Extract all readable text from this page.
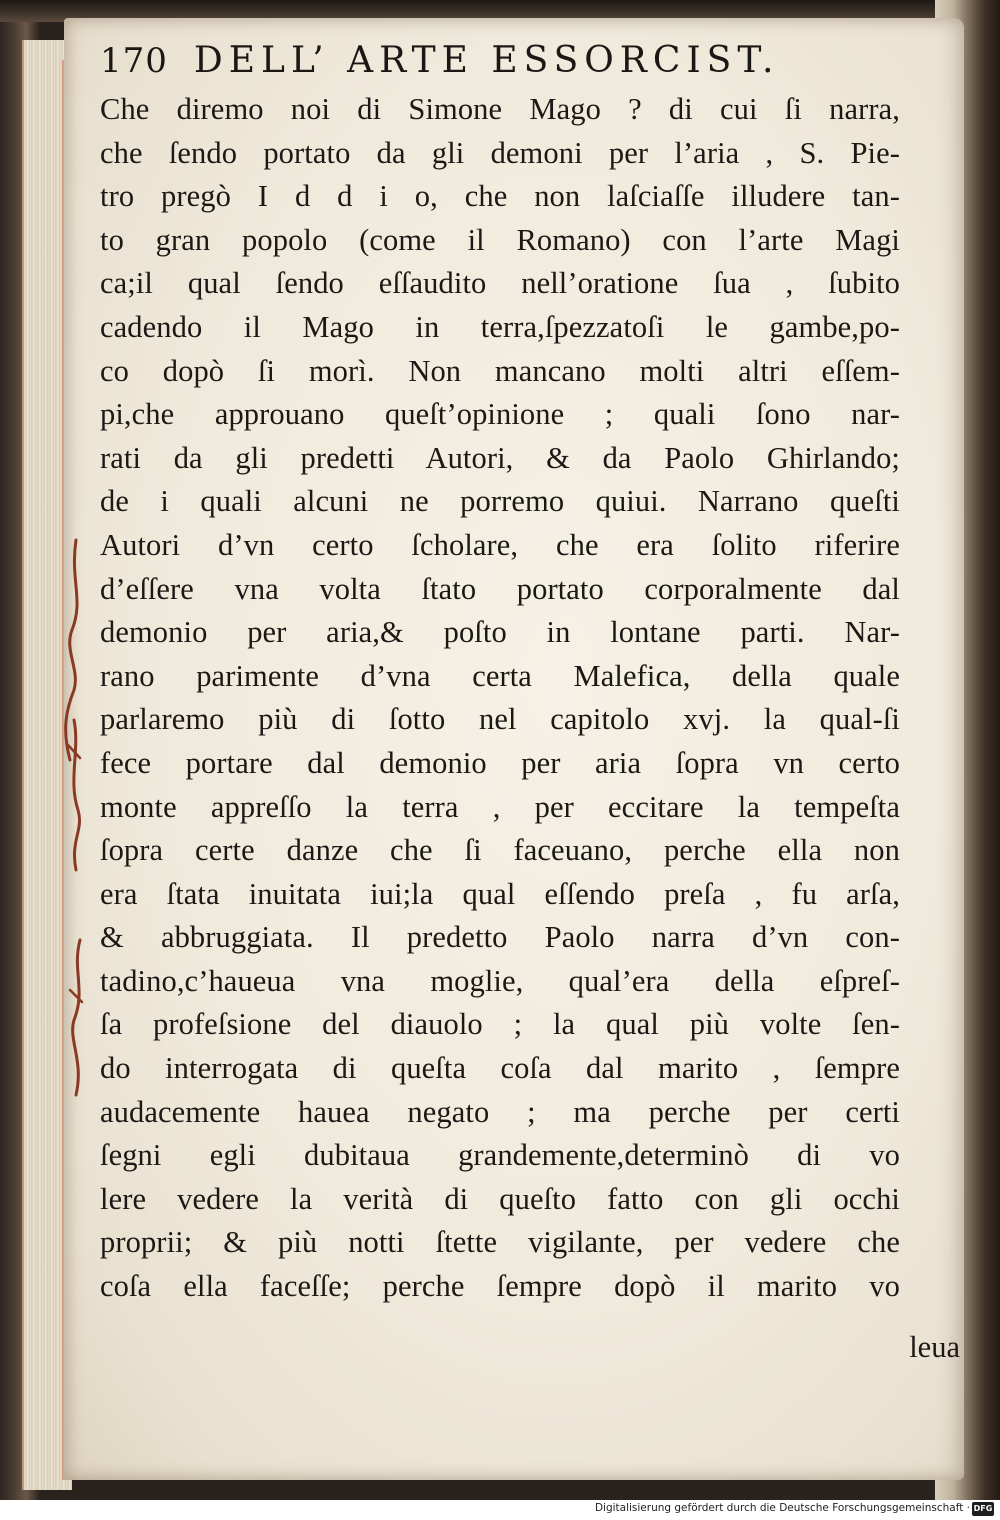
170 DELL’ ARTE ESSORCIST.
Che diremo noi di Simone Mago ? di cui ſi narra,
che ſendo portato da gli demoni per l’aria , S. Pie-
tro pregò I d d i o, che non laſciaſſe illudere tan-
to gran popolo (come il Romano) con l’arte Magi
ca;il qual ſendo eſſaudito nell’oratione ſua , ſubito
cadendo il Mago in terra,ſpezzatoſi le gambe,po-
co dopò ſi morì. Non mancano molti altri eſſem-
pi,che approuano queſt’opinione ; quali ſono nar-
rati da gli predetti Autori, & da Paolo Ghirlando;
de i quali alcuni ne porremo quiui. Narrano queſti
Autori d’vn certo ſcholare, che era ſolito riferire
d’eſſere vna volta ſtato portato corporalmente dal
demonio per aria,& poſto in lontane parti. Nar-
rano parimente d’vna certa Malefica, della quale
parlaremo più di ſotto nel capitolo xvj. la qual-ſi
fece portare dal demonio per aria ſopra vn certo
monte appreſſo la terra , per eccitare la tempeſta
ſopra certe danze che ſi faceuano, perche ella non
era ſtata inuitata iui;la qual eſſendo preſa , fu arſa,
& abbruggiata. Il predetto Paolo narra d’vn con-
tadino,c’haueua vna moglie, qual’era della eſpreſ-
ſa profeſsione del diauolo ; la qual più volte ſen-
do interrogata di queſta coſa dal marito , ſempre
audacemente hauea negato ; ma perche per certi
ſegni egli dubitaua grandemente,determinò di vo
lere vedere la verità di queſto fatto con gli occhi
proprii; & più notti ſtette vigilante, per vedere che
coſa ella faceſſe; perche ſempre dopò il marito vo
leua
Digitalisierung gefördert durch die Deutsche Forschungsgemeinschaft · DFG
